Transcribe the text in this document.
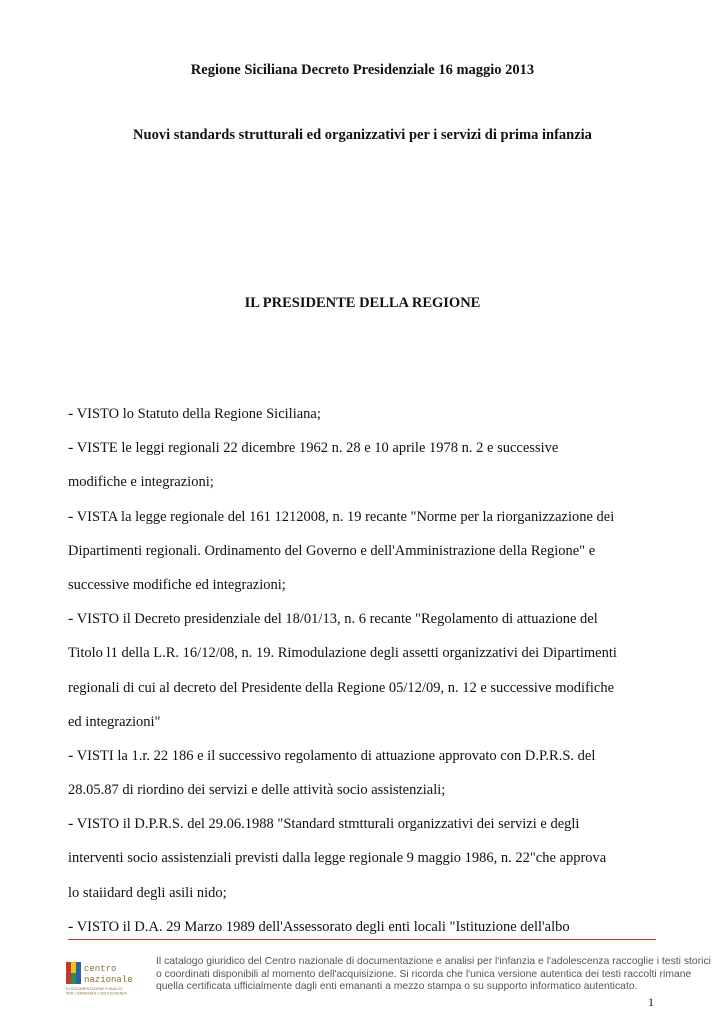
Regione Siciliana Decreto Presidenziale 16 maggio 2013
Nuovi standards strutturali ed organizzativi per i servizi di prima infanzia
IL PRESIDENTE DELLA REGIONE
- VISTO lo Statuto della Regione Siciliana;
- VISTE le leggi regionali 22 dicembre 1962 n. 28 e 10 aprile 1978 n. 2 e successive
modifiche e integrazioni;
- VISTA la legge regionale del 161 1212008, n. 19 recante "Norme per la riorganizzazione dei
Dipartimenti regionali. Ordinamento del Governo e dell'Amministrazione della Regione" e
successive modifiche ed integrazioni;
- VISTO il Decreto presidenziale del 18/01/13, n. 6 recante "Regolamento di attuazione del
Titolo l1 della L.R. 16/12/08, n. 19. Rimodulazione degli assetti organizzativi dei Dipartimenti
regionali di cui al decreto del Presidente della Regione 05/12/09, n. 12 e successive modifiche
ed integrazioni"
- VISTI la 1.r. 22 186 e il successivo regolamento di attuazione approvato con D.P.R.S. del
28.05.87 di riordino dei servizi e delle attività socio assistenziali;
- VISTO il D.P.R.S. del 29.06.1988 "Standard stmtturali organizzativi dei servizi e degli
interventi socio assistenziali previsti dalla legge regionale 9 maggio 1986, n. 22"che approva
lo staiidard degli asili nido;
- VISTO il D.A. 29 Marzo 1989 dell'Assessorato degli enti locali "Istituzione dell'albo
centro
nazionale
DI DOCUMENTAZIONE E ANALISI
PER L'INFANZIA E L'ADOLESCENZA
Il catalogo giuridico del Centro nazionale di documentazione e analisi per l'infanzia e l'adolescenza raccoglie i testi storici
o coordinati disponibili al momento dell'acquisizione. Si ricorda che l'unica versione autentica dei testi raccolti rimane
quella certificata ufficialmente dagli enti emananti a mezzo stampa o su supporto informatico autenticato.
1
